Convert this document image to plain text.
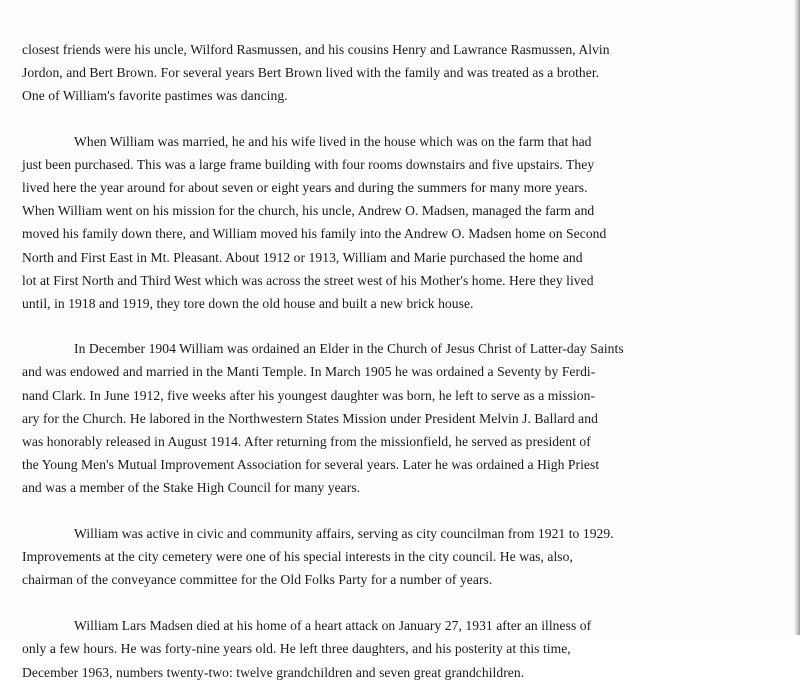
closest friends were his uncle, Wilford Rasmussen, and his cousins Henry and Lawrance Rasmussen, Alvin
Jordon, and Bert Brown. For several years Bert Brown lived with the family and was treated as a brother.
One of William's favorite pastimes was dancing.

When William was married, he and his wife lived in the house which was on the farm that had
just been purchased. This was a large frame building with four rooms downstairs and five upstairs. They
lived here the year around for about seven or eight years and during the summers for many more years.
When William went on his mission for the church, his uncle, Andrew O. Madsen, managed the farm and
moved his family down there, and William moved his family into the Andrew O. Madsen home on Second
North and First East in Mt. Pleasant. About 1912 or 1913, William and Marie purchased the home and
lot at First North and Third West which was across the street west of his Mother's home. Here they lived
until, in 1918 and 1919, they tore down the old house and built a new brick house.

In December 1904 William was ordained an Elder in the Church of Jesus Christ of Latter-day Saints
and was endowed and married in the Manti Temple. In March 1905 he was ordained a Seventy by Ferdi-
nand Clark. In June 1912, five weeks after his youngest daughter was born, he left to serve as a mission-
ary for the Church. He labored in the Northwestern States Mission under President Melvin J. Ballard and
was honorably released in August 1914. After returning from the missionfield, he served as president of
the Young Men's Mutual Improvement Association for several years. Later he was ordained a High Priest
and was a member of the Stake High Council for many years.

William was active in civic and community affairs, serving as city councilman from 1921 to 1929.
Improvements at the city cemetery were one of his special interests in the city council. He was, also,
chairman of the conveyance committee for the Old Folks Party for a number of years.

William Lars Madsen died at his home of a heart attack on January 27, 1931 after an illness of
only a few hours. He was forty-nine years old. He left three daughters, and his posterity at this time,
December 1963, numbers twenty-two: twelve grandchildren and seven great grandchildren.
